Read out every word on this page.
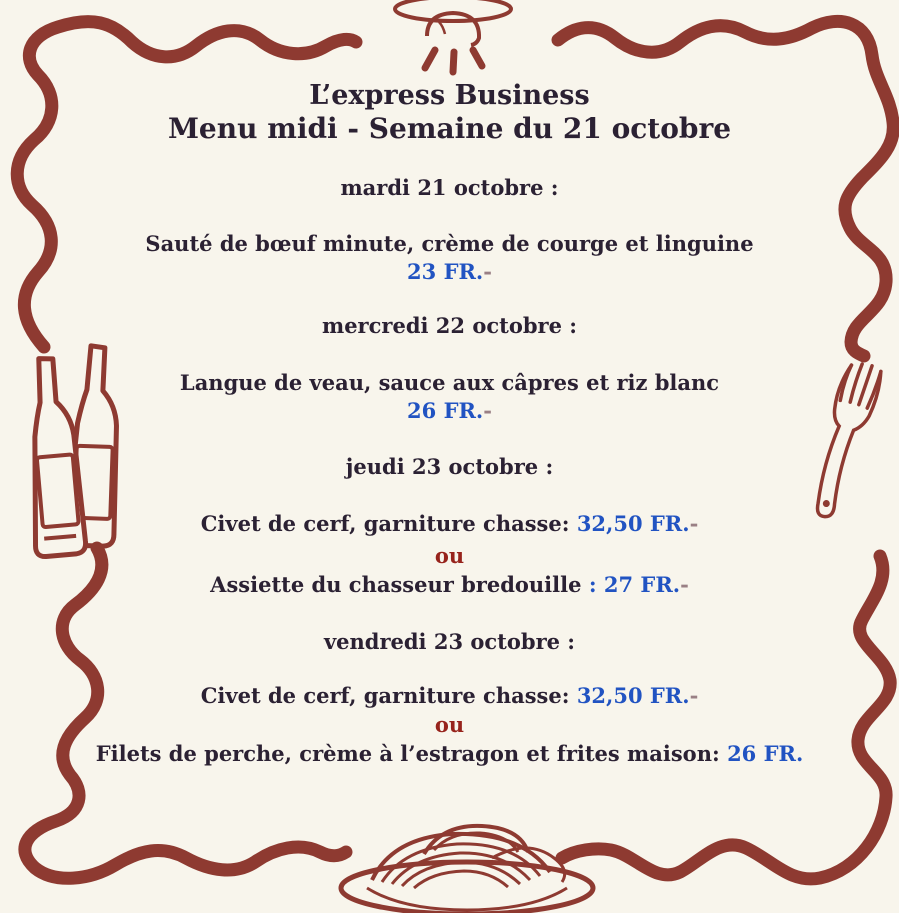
L’express Business
Menu midi - Semaine du 21 octobre
mardi 21 octobre :
Sauté de bœuf minute, crème de courge et linguine
23 FR.-
mercredi 22 octobre :
Langue de veau, sauce aux câpres et riz blanc
26 FR.-
jeudi 23 octobre :
Civet de cerf, garniture chasse: 32,50 FR.-
ou
Assiette du chasseur bredouille : 27 FR.-
vendredi 23 octobre :
Civet de cerf, garniture chasse: 32,50 FR.-
ou
Filets de perche, crème à l’estragon et frites maison: 26 FR.
